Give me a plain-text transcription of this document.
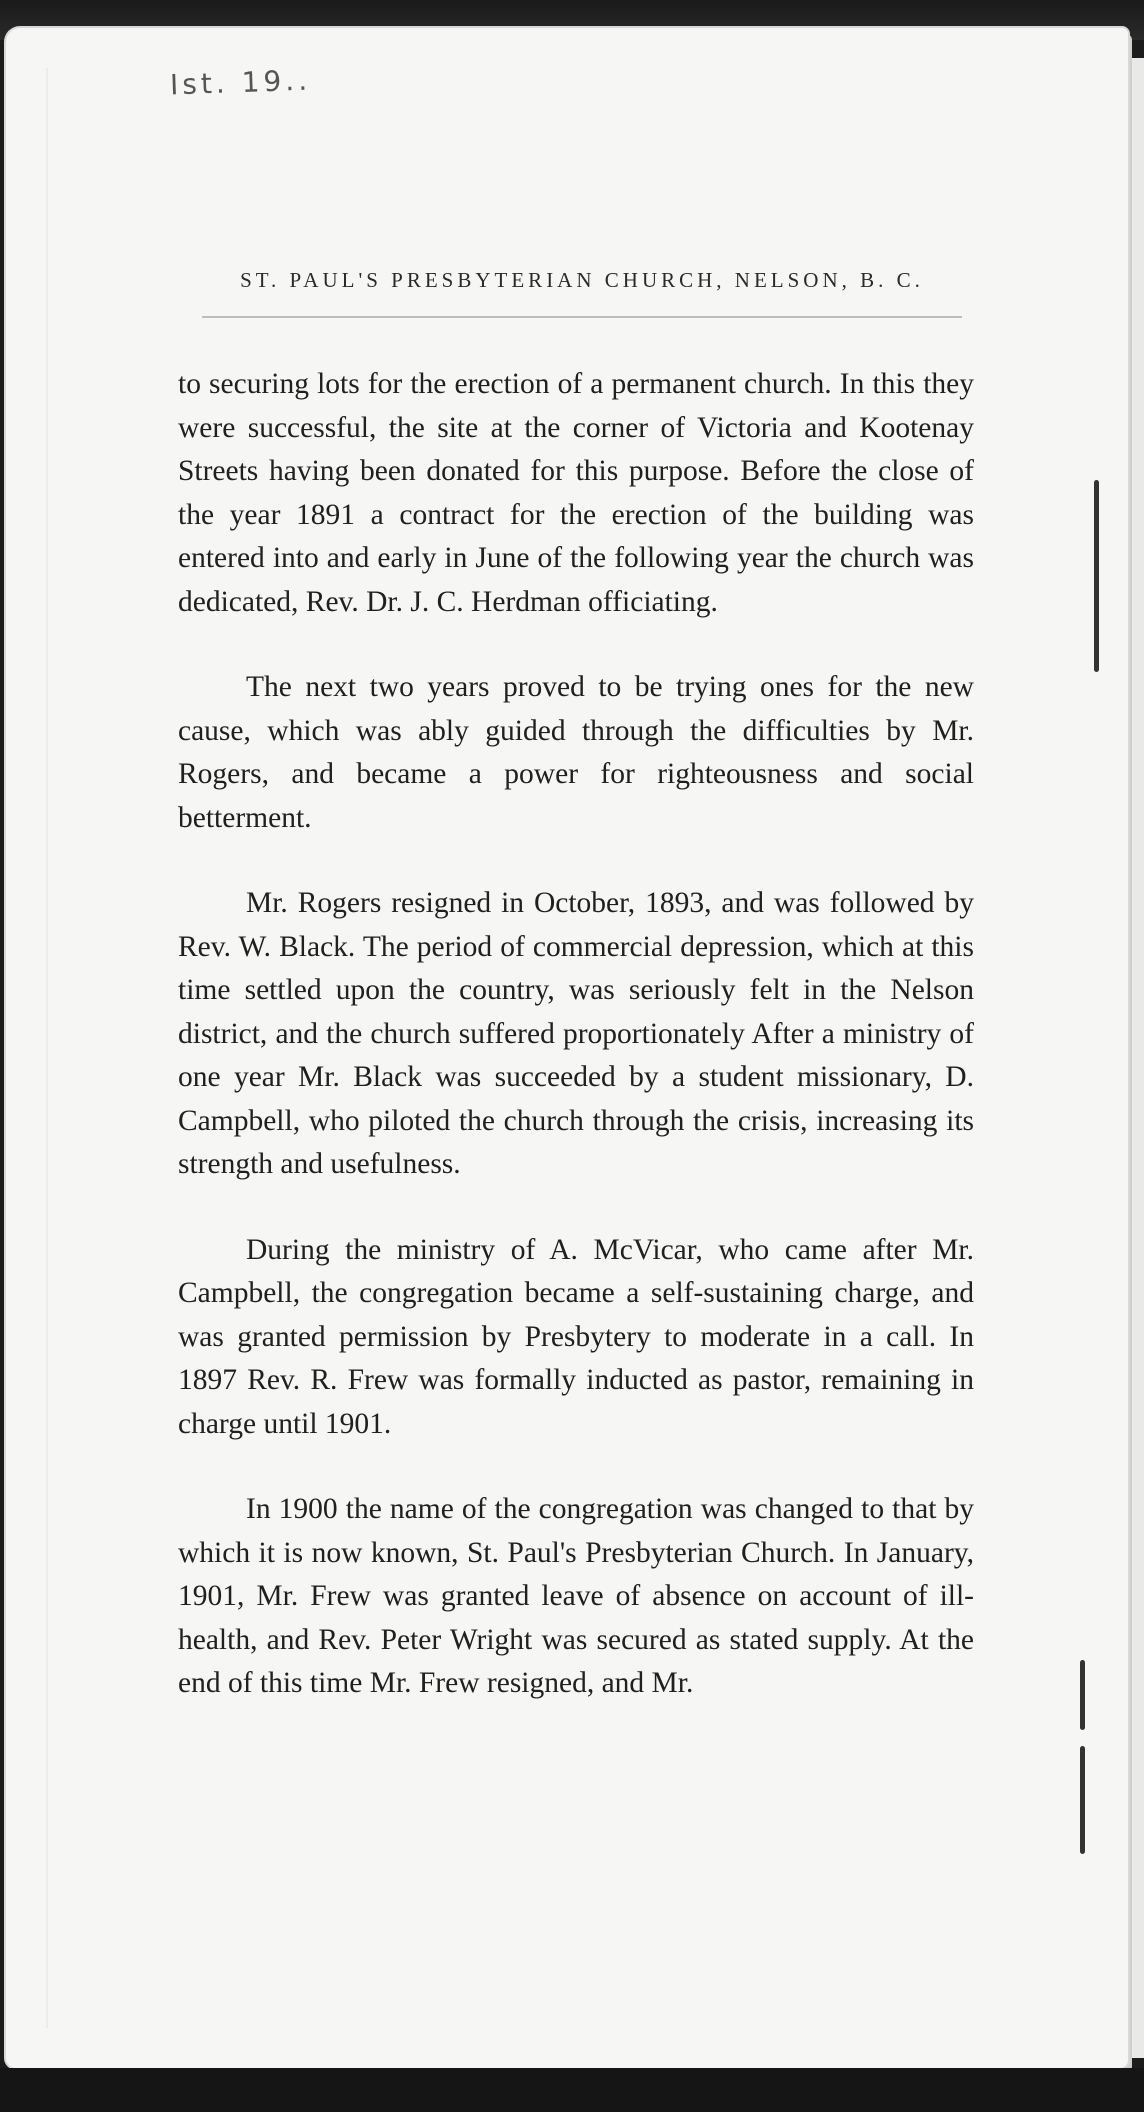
Ist. 19..
ST. PAUL'S PRESBYTERIAN CHURCH, NELSON, B. C.

to securing lots for the erection of a permanent church. In this they were successful, the site at the corner of Victoria and Kootenay Streets having been donated for this purpose. Before the close of the year 1891 a contract for the erection of the building was entered into and early in June of the following year the church was dedicated, Rev. Dr. J. C. Herdman officiating.

The next two years proved to be trying ones for the new cause, which was ably guided through the difficulties by Mr. Rogers, and became a power for righteousness and social betterment.

Mr. Rogers resigned in October, 1893, and was followed by Rev. W. Black. The period of commercial depression, which at this time settled upon the country, was seriously felt in the Nelson district, and the church suffered proportionately After a ministry of one year Mr. Black was succeeded by a student missionary, D. Campbell, who piloted the church through the crisis, increasing its strength and usefulness.

During the ministry of A. McVicar, who came after Mr. Campbell, the congregation became a self-sustaining charge, and was granted permission by Presbytery to moderate in a call. In 1897 Rev. R. Frew was formally inducted as pastor, remaining in charge until 1901.

In 1900 the name of the congregation was changed to that by which it is now known, St. Paul's Presbyterian Church. In January, 1901, Mr. Frew was granted leave of absence on account of ill-health, and Rev. Peter Wright was secured as stated supply. At the end of this time Mr. Frew resigned, and Mr.
